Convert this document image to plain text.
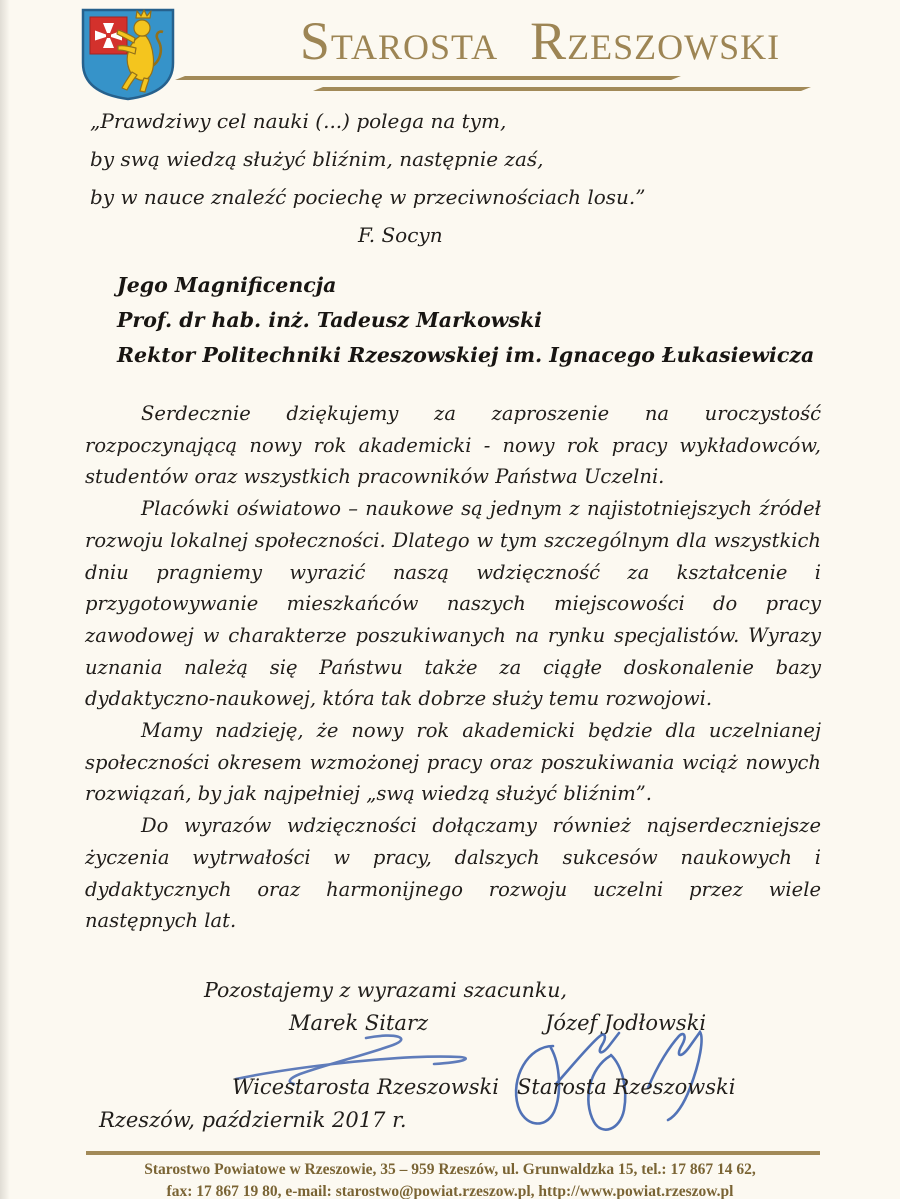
STAROSTA RZESZOWSKI
„Prawdziwy cel nauki (...) polega na tym,
by swą wiedzą służyć bliźnim, następnie zaś,
by w nauce znaleźć pociechę w przeciwnościach losu.”
F. Socyn
Jego Magnificencja
Prof. dr hab. inż. Tadeusz Markowski
Rektor Politechniki Rzeszowskiej im. Ignacego Łukasiewicza

Serdecznie dziękujemy za zaproszenie na uroczystość rozpoczynającą nowy rok akademicki - nowy rok pracy wykładowców, studentów oraz wszystkich pracowników Państwa Uczelni.

Placówki oświatowo – naukowe są jednym z najistotniejszych źródeł rozwoju lokalnej społeczności. Dlatego w tym szczególnym dla wszystkich dniu pragniemy wyrazić naszą wdzięczność za kształcenie i przygotowywanie mieszkańców naszych miejscowości do pracy zawodowej w charakterze poszukiwanych na rynku specjalistów. Wyrazy uznania należą się Państwu także za ciągłe doskonalenie bazy dydaktyczno-naukowej, która tak dobrze służy temu rozwojowi.

Mamy nadzieję, że nowy rok akademicki będzie dla uczelnianej społeczności okresem wzmożonej pracy oraz poszukiwania wciąż nowych rozwiązań, by jak najpełniej „swą wiedzą służyć bliźnim”.

Do wyrazów wdzięczności dołączamy również najserdeczniejsze życzenia wytrwałości w pracy, dalszych sukcesów naukowych i dydaktycznych oraz harmonijnego rozwoju uczelni przez wiele następnych lat.

Pozostajemy z wyrazami szacunku,
Marek Sitarz	Józef Jodłowski
Wicestarosta Rzeszowski Starosta Rzeszowski
Rzeszów, październik 2017 r.
Starostwo Powiatowe w Rzeszowie, 35 – 959 Rzeszów, ul. Grunwaldzka 15, tel.: 17 867 14 62,
fax: 17 867 19 80, e-mail: starostwo@powiat.rzeszow.pl, http://www.powiat.rzeszow.pl
